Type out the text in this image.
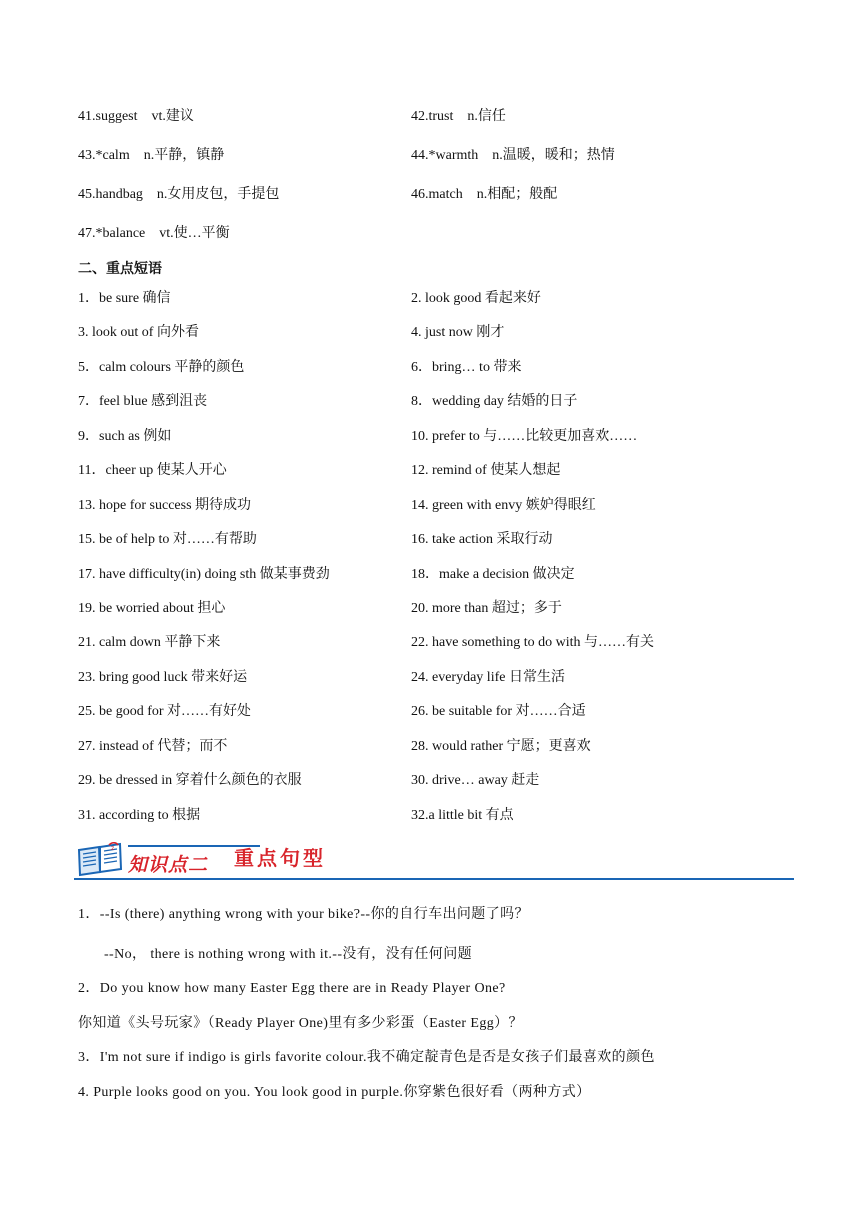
41.suggest　vt.建议	42.trust　n.信任
43.*calm　n.平静，镇静	44.*warmth　n.温暖，暖和；热情
45.handbag　n.女用皮包，手提包	46.match　n.相配；般配
47.*balance　vt.使…平衡
二、重点短语
1．be sure 确信	2. look good 看起来好
3. look out of 向外看	4. just now 刚才
5．calm colours 平静的颜色	6．bring… to 带来
7．feel blue 感到沮丧	8．wedding day 结婚的日子
9．such as 例如	10. prefer to 与……比较更加喜欢……
11．cheer up 使某人开心	12. remind of 使某人想起
13. hope for success 期待成功	14. green with envy 嫉妒得眼红
15. be of help to 对……有帮助	16. take action 采取行动
17. have difficulty(in) doing sth 做某事费劲	18．make a decision 做决定
19. be worried about 担心	20. more than 超过；多于
21. calm down 平静下来	22. have something to do with 与……有关
23. bring good luck 带来好运	24. everyday life 日常生活
25. be good for 对……有好处	26. be suitable for 对……合适
27. instead of 代替；而不	28. would rather 宁愿；更喜欢
29. be dressed in 穿着什么颜色的衣服	30. drive… away 赶走
31. according to 根据	32.a little bit 有点
z
知识点二 重点句型
1．--Is (there) anything wrong with your bike?--你的自行车出问题了吗？
--No， there is nothing wrong with it.--没有，没有任何问题
2．Do you know how many Easter Egg there are in Ready Player One?
你知道《头号玩家》（Ready Player One)里有多少彩蛋（Easter Egg）？
3．I'm not sure if indigo is girls favorite colour.我不确定靛青色是否是女孩子们最喜欢的颜色
4. Purple looks good on you. You look good in purple.你穿紫色很好看（两种方式）
